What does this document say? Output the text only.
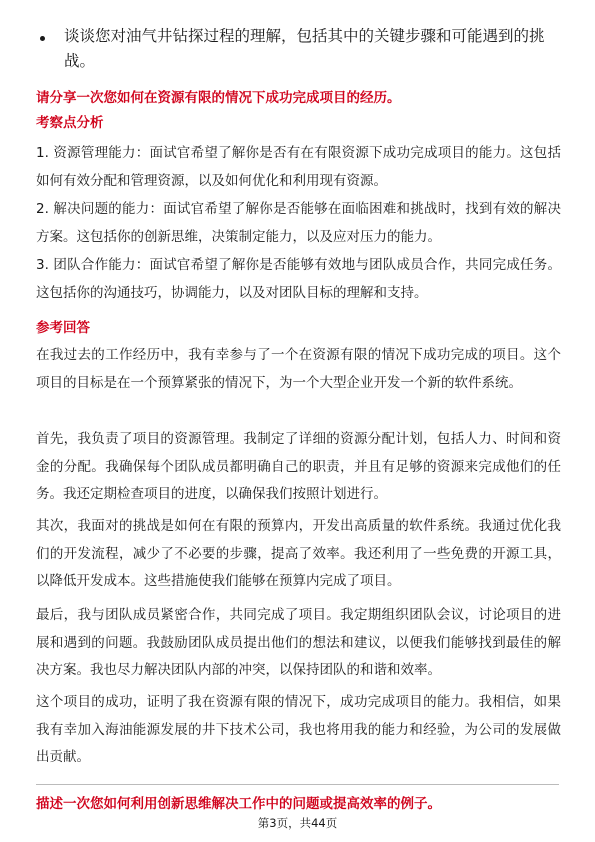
谈谈您对油气井钻探过程的理解，包括其中的关键步骤和可能遇到的挑战。
请分享一次您如何在资源有限的情况下成功完成项目的经历。
考察点分析
1. 资源管理能力：面试官希望了解你是否有在有限资源下成功完成项目的能力。这包括如何有效分配和管理资源，以及如何优化和利用现有资源。
2. 解决问题的能力：面试官希望了解你是否能够在面临困难和挑战时，找到有效的解决方案。这包括你的创新思维，决策制定能力，以及应对压力的能力。
3. 团队合作能力：面试官希望了解你是否能够有效地与团队成员合作，共同完成任务。这包括你的沟通技巧，协调能力，以及对团队目标的理解和支持。
参考回答
在我过去的工作经历中，我有幸参与了一个在资源有限的情况下成功完成的项目。这个项目的目标是在一个预算紧张的情况下，为一个大型企业开发一个新的软件系统。
首先，我负责了项目的资源管理。我制定了详细的资源分配计划，包括人力、时间和资金的分配。我确保每个团队成员都明确自己的职责，并且有足够的资源来完成他们的任务。我还定期检查项目的进度，以确保我们按照计划进行。
其次，我面对的挑战是如何在有限的预算内，开发出高质量的软件系统。我通过优化我们的开发流程，减少了不必要的步骤，提高了效率。我还利用了一些免费的开源工具，以降低开发成本。这些措施使我们能够在预算内完成了项目。
最后，我与团队成员紧密合作，共同完成了项目。我定期组织团队会议，讨论项目的进展和遇到的问题。我鼓励团队成员提出他们的想法和建议，以便我们能够找到最佳的解决方案。我也尽力解决团队内部的冲突，以保持团队的和谐和效率。
这个项目的成功，证明了我在资源有限的情况下，成功完成项目的能力。我相信，如果我有幸加入海油能源发展的井下技术公司，我也将用我的能力和经验，为公司的发展做出贡献。
描述一次您如何利用创新思维解决工作中的问题或提高效率的例子。
第3页，共44页
